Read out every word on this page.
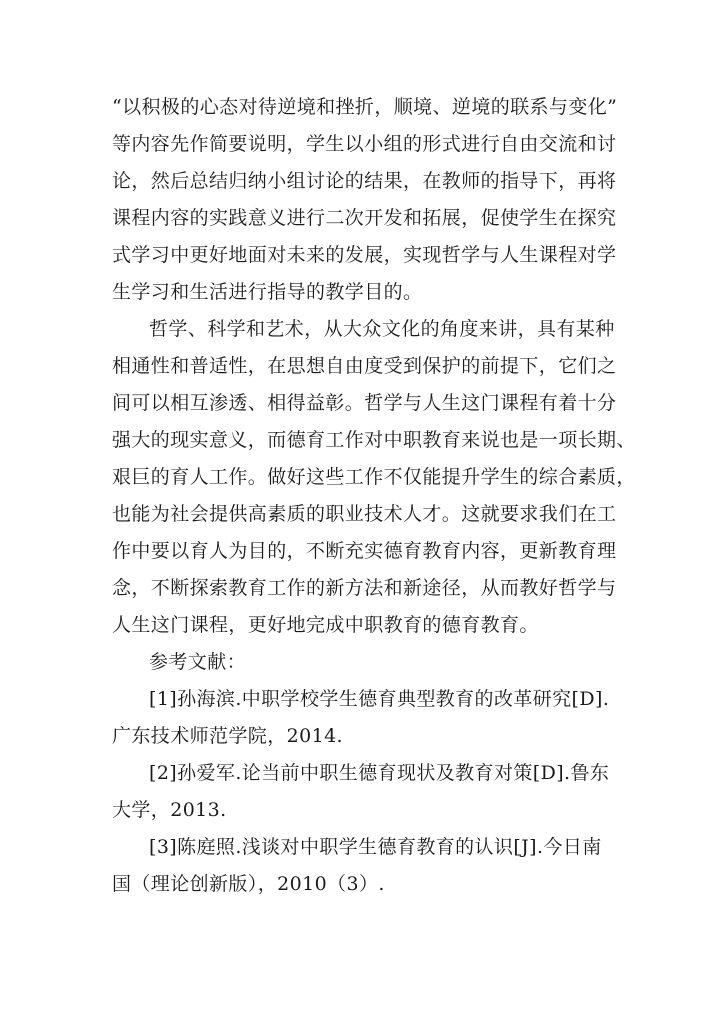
“以积极的心态对待逆境和挫折，顺境、逆境的联系与变化”
等内容先作简要说明，学生以小组的形式进行自由交流和讨
论，然后总结归纳小组讨论的结果，在教师的指导下，再将
课程内容的实践意义进行二次开发和拓展，促使学生在探究
式学习中更好地面对未来的发展，实现哲学与人生课程对学
生学习和生活进行指导的教学目的。
哲学、科学和艺术，从大众文化的角度来讲，具有某种
相通性和普适性，在思想自由度受到保护的前提下，它们之
间可以相互渗透、相得益彰。哲学与人生这门课程有着十分
强大的现实意义，而德育工作对中职教育来说也是一项长期、
艰巨的育人工作。做好这些工作不仅能提升学生的综合素质，
也能为社会提供高素质的职业技术人才。这就要求我们在工
作中要以育人为目的，不断充实德育教育内容，更新教育理
念，不断探索教育工作的新方法和新途径，从而教好哲学与
人生这门课程，更好地完成中职教育的德育教育。
参考文献：
[1]孙海滨.中职学校学生德育典型教育的改革研究[D].
广东技术师范学院，2014.
[2]孙爱军.论当前中职生德育现状及教育对策[D].鲁东
大学，2013.
[3]陈庭照.浅谈对中职学生德育教育的认识[J].今日南
国（理论创新版），2010（3）.
